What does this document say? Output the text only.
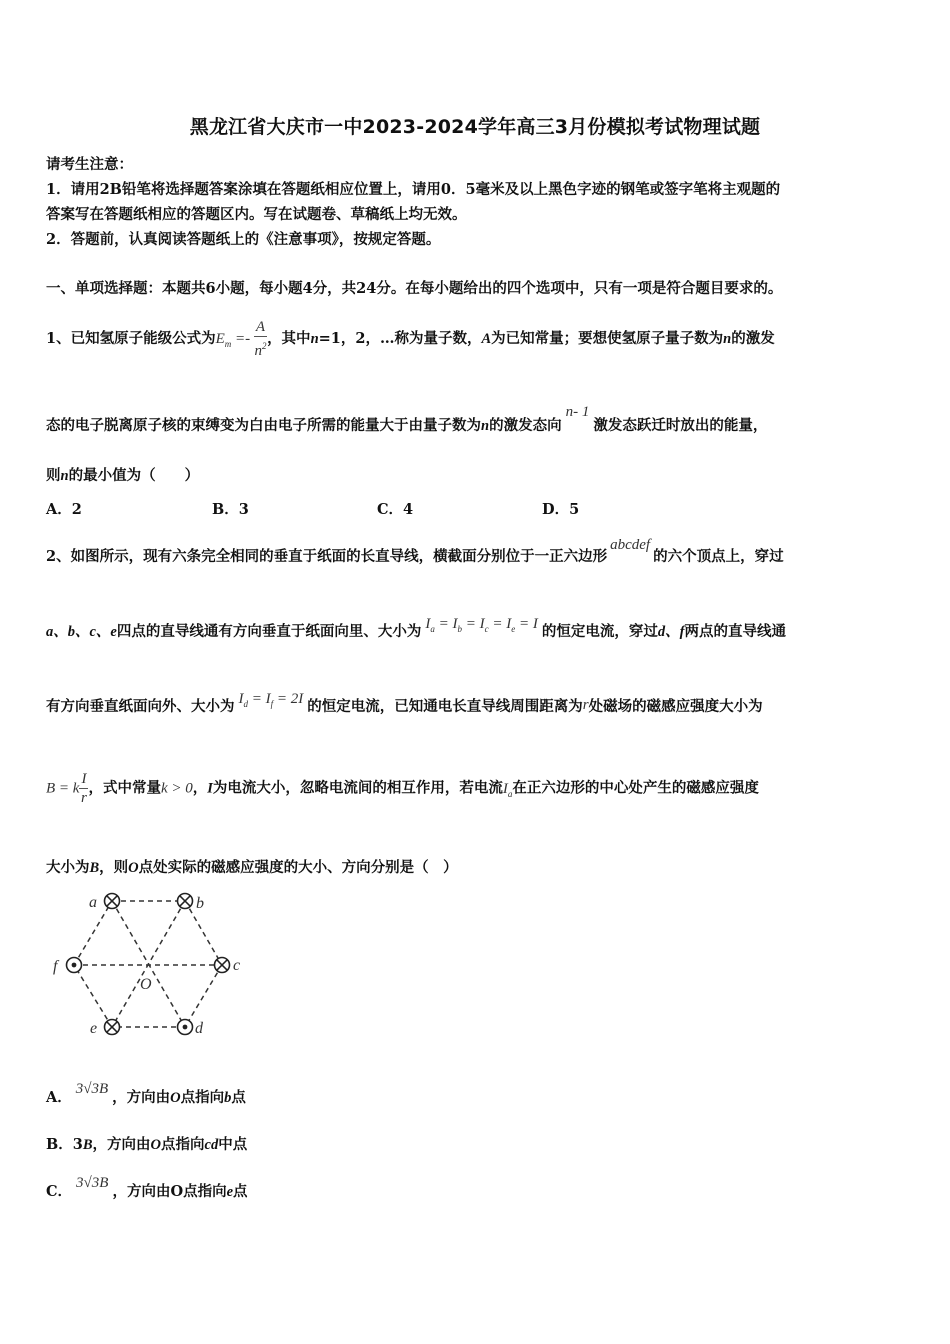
黑龙江省大庆市一中2023-2024学年高三3月份模拟考试物理试题
请考生注意：
1．请用2B铅笔将选择题答案涂填在答题纸相应位置上，请用0．5毫米及以上黑色字迹的钢笔或签字笔将主观题的
答案写在答题纸相应的答题区内。写在试题卷、草稿纸上均无效。
2．答题前，认真阅读答题纸上的《注意事项》，按规定答题。
一、单项选择题：本题共6小题，每小题4分，共24分。在每小题给出的四个选项中，只有一项是符合题目要求的。
1、已知氢原子能级公式为$E_m =- \frac{A}{n^2}$ ，其中n=1，2，…称为量子数，A为已知常量；要想使氢原子量子数为n的激发
态的电子脱离原子核的束缚变为白由电子所需的能量大于由量子数为n的激发态向n- 1激发态跃迁时放出的能量，
则n的最小值为（　　）
A．2	B．3	C．4	D．5
2、如图所示，现有六条完全相同的垂直于纸面的长直导线，横截面分别位于一正六边形abcdef的六个顶点上，穿过
a、b、c、e四点的直导线通有方向垂直于纸面向里、大小为 $I_a = I_b = I_c = I_e = I$ 的恒定电流，穿过d、f两点的直导线通
有方向垂直纸面向外、大小为 $I_d = I_f = 2I$ 的恒定电流，已知通电长直导线周围距离为r处磁场的磁感应强度大小为
B = k $\frac{I}{r}$ ，式中常量k > 0，I为电流大小，忽略电流间的相互作用，若电流$I_a$在正六边形的中心处产生的磁感应强度
大小为B，则O点处实际的磁感应强度的大小、方向分别是（　）
a	b
c
d
e
f
O
A． 3√3B ，方向由O点指向b点
B．3B，方向由O点指向cd中点
C． 3√3B ，方向由O点指向e点
